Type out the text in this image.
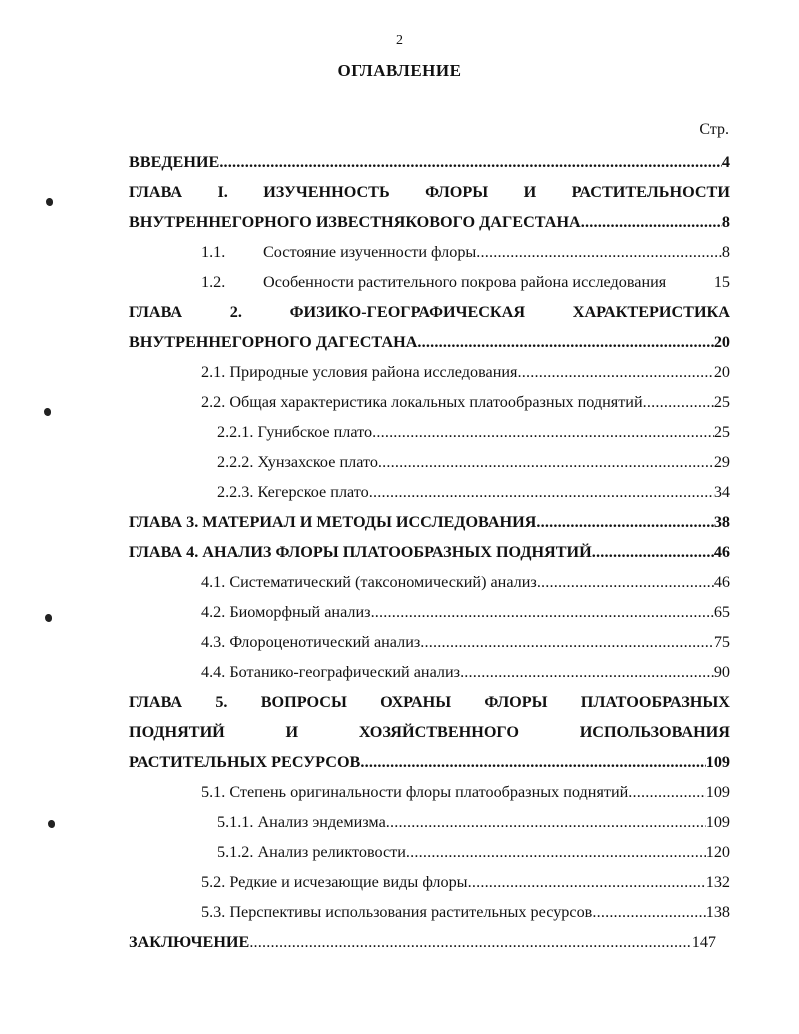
2
ОГЛАВЛЕНИЕ
Стр.
ВВЕДЕНИЕ .....	4
ГЛАВА I. ИЗУЧЕННОСТЬ ФЛОРЫ И РАСТИТЕЛЬНОСТИ
ВНУТРЕННЕГОРНОГО ИЗВЕСТНЯКОВОГО ДАГЕСТАНА .....	8
1.1. Состояние изученности флоры .....	8
1.2. Особенности растительного покрова района исследования	15
ГЛАВА	2.	ФИЗИКО-ГЕОГРАФИЧЕСКАЯ	ХАРАКТЕРИСТИКА
ВНУТРЕННЕГОРНОГО ДАГЕСТАНА .....	20
2.1. Природные условия района исследования .....	20
2.2. Общая характеристика локальных платообразных поднятий .....	25
2.2.1. Гунибское плато .....	25
2.2.2. Хунзахское плато .....	29
2.2.3. Кегерское плато .....	34
ГЛАВА 3. МАТЕРИАЛ И МЕТОДЫ ИССЛЕДОВАНИЯ .....	38
ГЛАВА 4. АНАЛИЗ ФЛОРЫ ПЛАТООБРАЗНЫХ ПОДНЯТИЙ .....	46
4.1. Систематический (таксономический) анализ .....	46
4.2. Биоморфный анализ .....	65
4.3. Флороценотический анализ .....	75
4.4. Ботанико-географический анализ .....	90
ГЛАВА 5. ВОПРОСЫ ОХРАНЫ ФЛОРЫ ПЛАТООБРАЗНЫХ
ПОДНЯТИЙ	И	ХОЗЯЙСТВЕННОГО	ИСПОЛЬЗОВАНИЯ
РАСТИТЕЛЬНЫХ РЕСУРСОВ .....	109
5.1. Степень оригинальности флоры платообразных поднятий .....	109
5.1.1. Анализ эндемизма .....	109
5.1.2. Анализ реликтовости .....	120
5.2. Редкие и исчезающие виды флоры .....	132
5.3. Перспективы использования растительных ресурсов .....	138
ЗАКЛЮЧЕНИЕ .....	147
